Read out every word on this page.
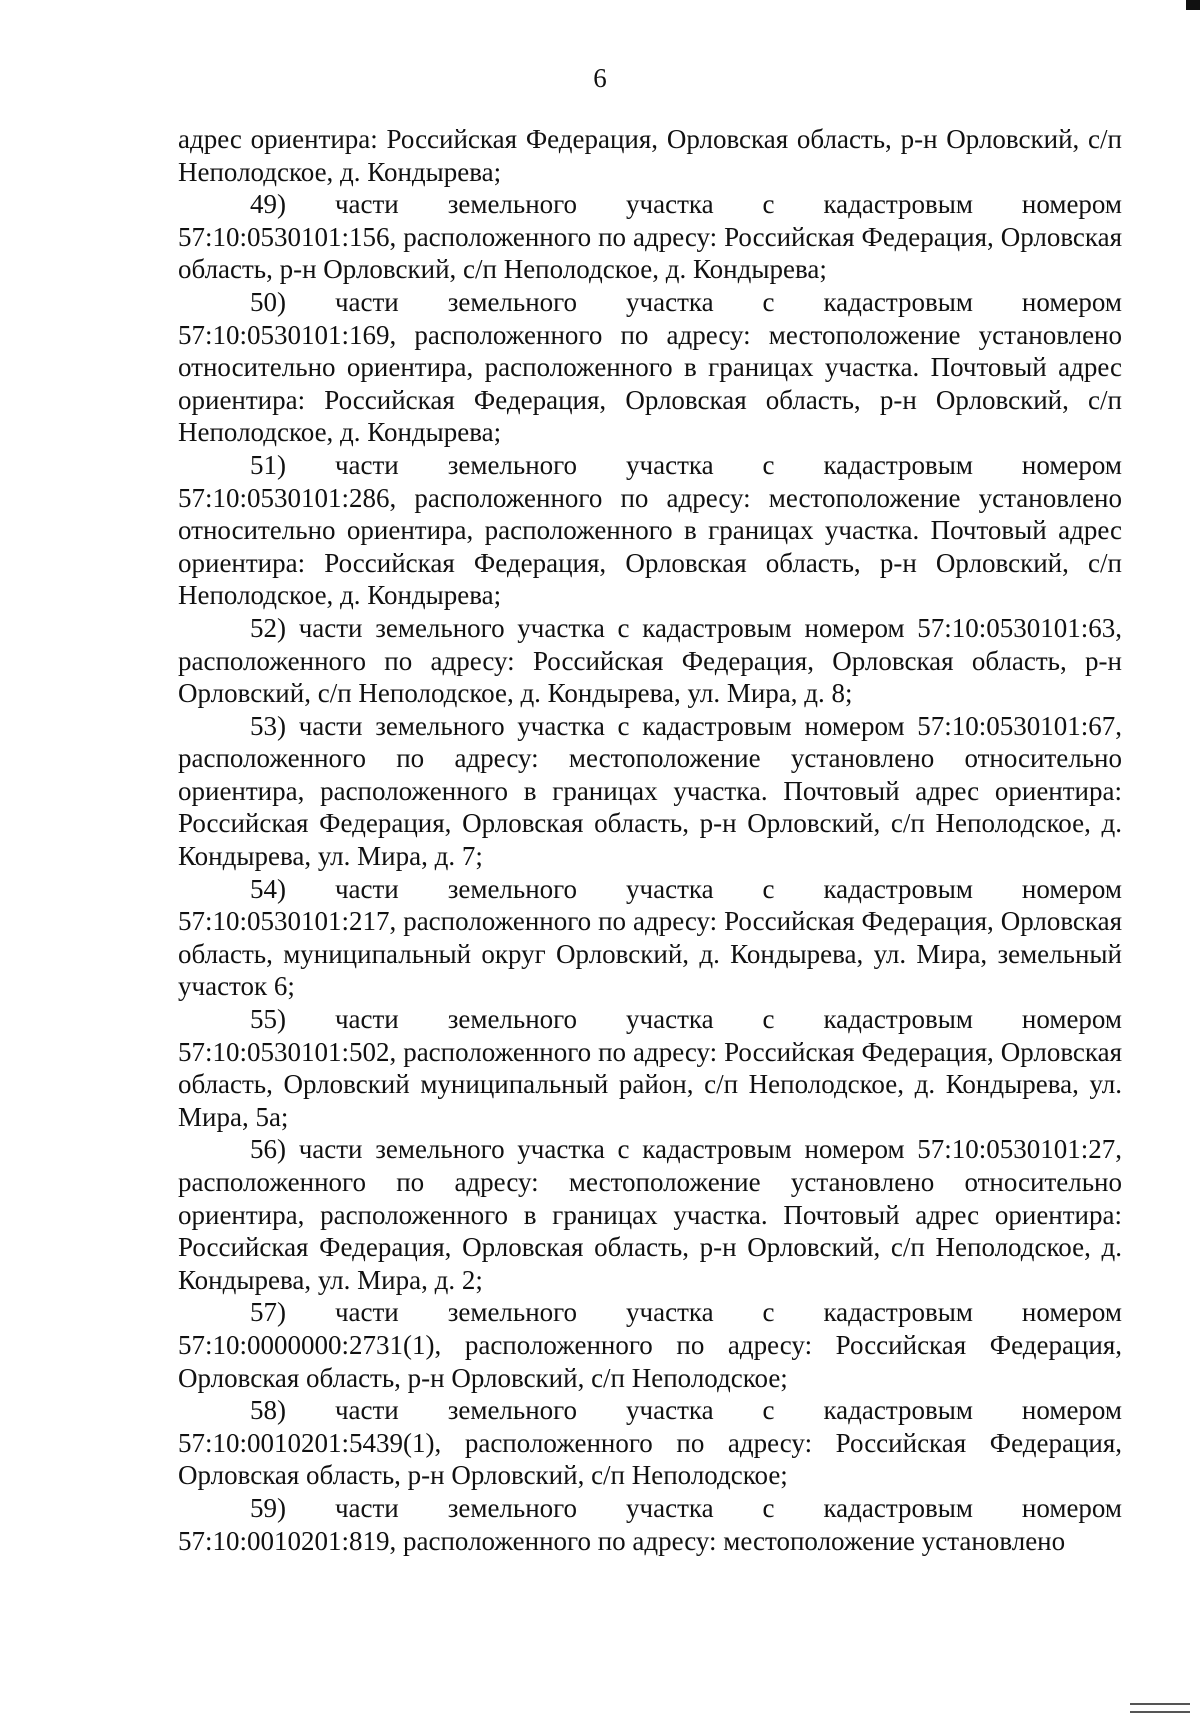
6

адрес ориентира: Российская Федерация, Орловская область, р-н Орловский, с/п Неполодское, д. Кондырева;

49) части земельного участка с кадастровым номером
57:10:0530101:156, расположенного по адресу: Российская Федерация, Орловская область, р-н Орловский, с/п Неполодское, д. Кондырева;

50) части земельного участка с кадастровым номером
57:10:0530101:169, расположенного по адресу: местоположение установлено относительно ориентира, расположенного в границах участка. Почтовый адрес ориентира: Российская Федерация, Орловская область, р-н Орловский, с/п Неполодское, д. Кондырева;

51) части земельного участка с кадастровым номером
57:10:0530101:286, расположенного по адресу: местоположение установлено относительно ориентира, расположенного в границах участка. Почтовый адрес ориентира: Российская Федерация, Орловская область, р-н Орловский, с/п Неполодское, д. Кондырева;

52) части земельного участка с кадастровым номером 57:10:0530101:63, расположенного по адресу: Российская Федерация, Орловская область, р-н Орловский, с/п Неполодское, д. Кондырева, ул. Мира, д. 8;

53) части земельного участка с кадастровым номером 57:10:0530101:67, расположенного по адресу: местоположение установлено относительно ориентира, расположенного в границах участка. Почтовый адрес ориентира: Российская Федерация, Орловская область, р-н Орловский, с/п Неполодское, д. Кондырева, ул. Мира, д. 7;

54) части земельного участка с кадастровым номером
57:10:0530101:217, расположенного по адресу: Российская Федерация, Орловская область, муниципальный округ Орловский, д. Кондырева, ул. Мира, земельный участок 6;

55) части земельного участка с кадастровым номером
57:10:0530101:502, расположенного по адресу: Российская Федерация, Орловская область, Орловский муниципальный район, с/п Неполодское, д. Кондырева, ул. Мира, 5а;

56) части земельного участка с кадастровым номером 57:10:0530101:27, расположенного по адресу: местоположение установлено относительно ориентира, расположенного в границах участка. Почтовый адрес ориентира: Российская Федерация, Орловская область, р-н Орловский, с/п Неполодское, д. Кондырева, ул. Мира, д. 2;

57) части земельного участка с кадастровым номером
57:10:0000000:2731(1), расположенного по адресу: Российская Федерация, Орловская область, р-н Орловский, с/п Неполодское;

58) части земельного участка с кадастровым номером
57:10:0010201:5439(1), расположенного по адресу: Российская Федерация, Орловская область, р-н Орловский, с/п Неполодское;

59) части земельного участка с кадастровым номером
57:10:0010201:819, расположенного по адресу: местоположение установлено
